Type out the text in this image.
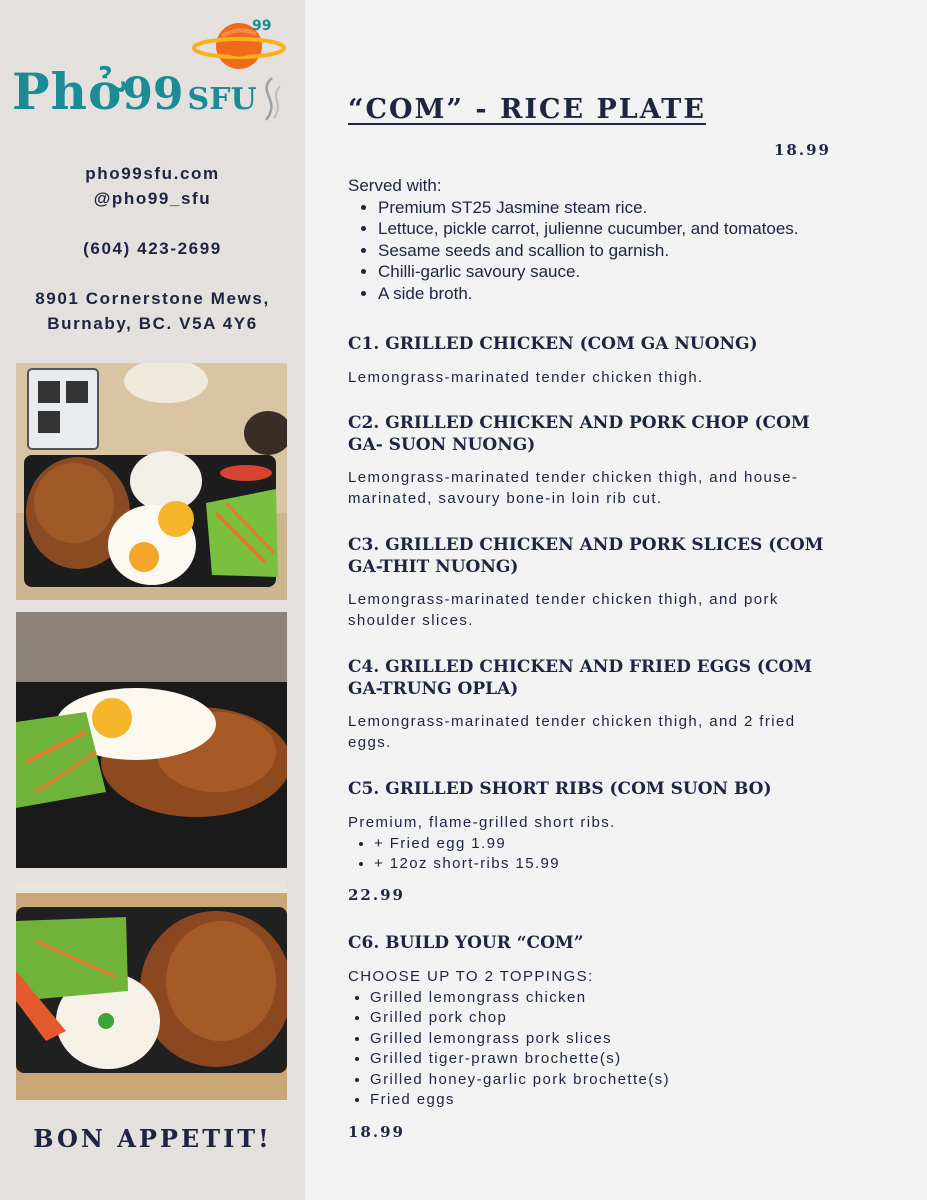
99
Phở99 SFU
pho99sfu.com
@pho99_sfu
(604) 423-2699
8901 Cornerstone Mews,
Burnaby, BC. V5A 4Y6
BON APPETIT!
“COM” - RICE PLATE
18.99
Served with:
• Premium ST25 Jasmine steam rice.
• Lettuce, pickle carrot, julienne cucumber, and tomatoes.
• Sesame seeds and scallion to garnish.
• Chilli-garlic savoury sauce.
• A side broth.
C1. GRILLED CHICKEN (COM GA NUONG)
Lemongrass-marinated tender chicken thigh.
C2. GRILLED CHICKEN AND PORK CHOP (COM GA- SUON NUONG)
Lemongrass-marinated tender chicken thigh, and house-marinated, savoury bone-in loin rib cut.
C3. GRILLED CHICKEN AND PORK SLICES (COM GA-THIT NUONG)
Lemongrass-marinated tender chicken thigh, and pork shoulder slices.
C4. GRILLED CHICKEN AND FRIED EGGS (COM GA-TRUNG OPLA)
Lemongrass-marinated tender chicken thigh, and 2 fried eggs.
C5. GRILLED SHORT RIBS (COM SUON BO)
Premium, flame-grilled short ribs.
• + Fried egg 1.99
• + 12oz short-ribs 15.99
22.99
C6. BUILD YOUR “COM”
CHOOSE UP TO 2 TOPPINGS:
• Grilled lemongrass chicken
• Grilled pork chop
• Grilled lemongrass pork slices
• Grilled tiger-prawn brochette(s)
• Grilled honey-garlic pork brochette(s)
• Fried eggs
18.99
